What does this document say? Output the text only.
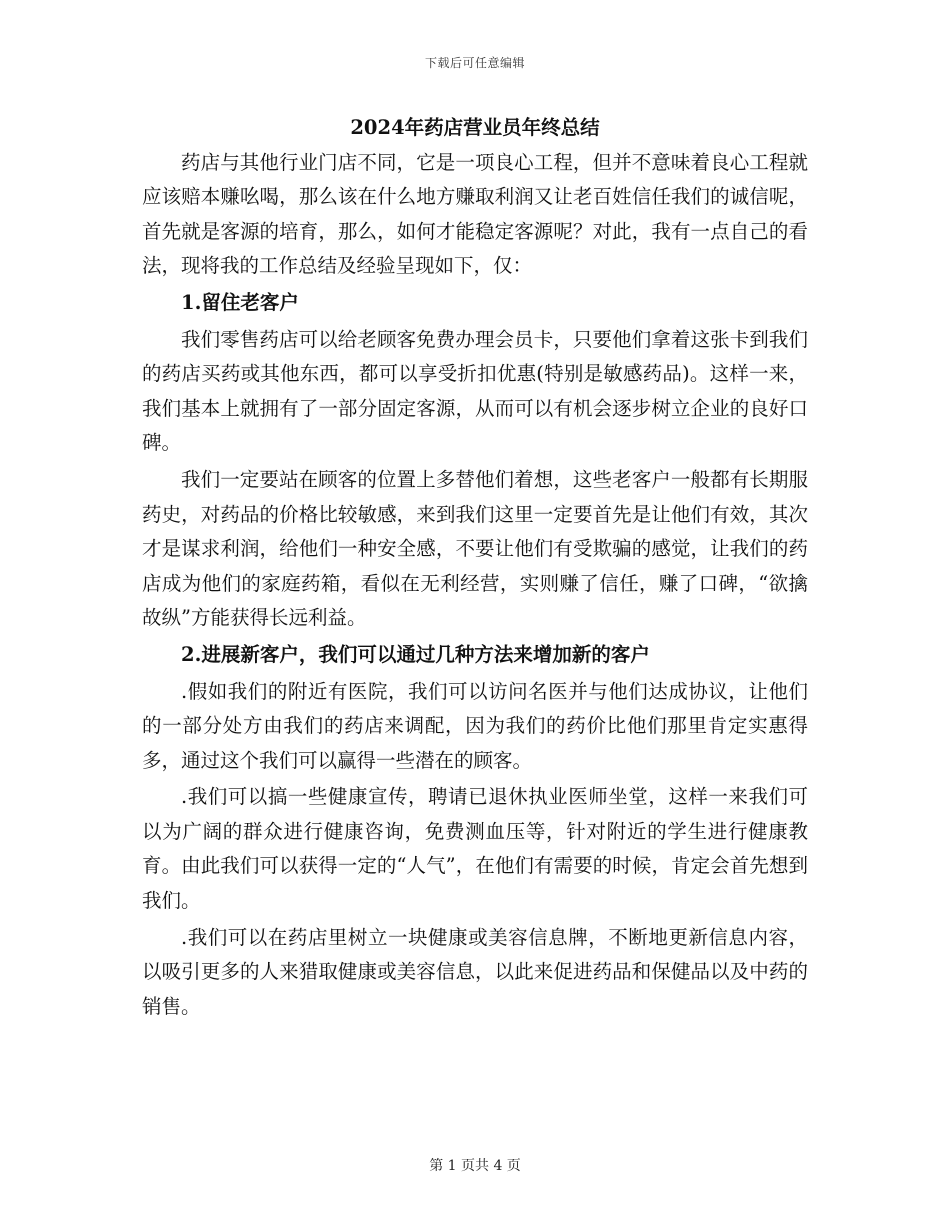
下载后可任意编辑

2024年药店营业员年终总结

药店与其他行业门店不同，它是一项良心工程，但并不意味着良心工程就应该赔本赚吆喝，那么该在什么地方赚取利润又让老百姓信任我们的诚信呢，首先就是客源的培育，那么，如何才能稳定客源呢？对此，我有一点自己的看法，现将我的工作总结及经验呈现如下，仅：

1.留住老客户

我们零售药店可以给老顾客免费办理会员卡，只要他们拿着这张卡到我们的药店买药或其他东西，都可以享受折扣优惠(特别是敏感药品)。这样一来，我们基本上就拥有了一部分固定客源，从而可以有机会逐步树立企业的良好口碑。

我们一定要站在顾客的位置上多替他们着想，这些老客户一般都有长期服药史，对药品的价格比较敏感，来到我们这里一定要首先是让他们有效，其次才是谋求利润，给他们一种安全感，不要让他们有受欺骗的感觉，让我们的药店成为他们的家庭药箱，看似在无利经营，实则赚了信任，赚了口碑，“欲擒故纵”方能获得长远利益。

2.进展新客户，我们可以通过几种方法来增加新的客户

.假如我们的附近有医院，我们可以访问名医并与他们达成协议，让他们的一部分处方由我们的药店来调配，因为我们的药价比他们那里肯定实惠得多，通过这个我们可以赢得一些潜在的顾客。

.我们可以搞一些健康宣传，聘请已退休执业医师坐堂，这样一来我们可以为广阔的群众进行健康咨询，免费测血压等，针对附近的学生进行健康教育。由此我们可以获得一定的“人气”，在他们有需要的时候，肯定会首先想到我们。

.我们可以在药店里树立一块健康或美容信息牌，不断地更新信息内容，以吸引更多的人来猎取健康或美容信息，以此来促进药品和保健品以及中药的销售。

第 1 页共 4 页
